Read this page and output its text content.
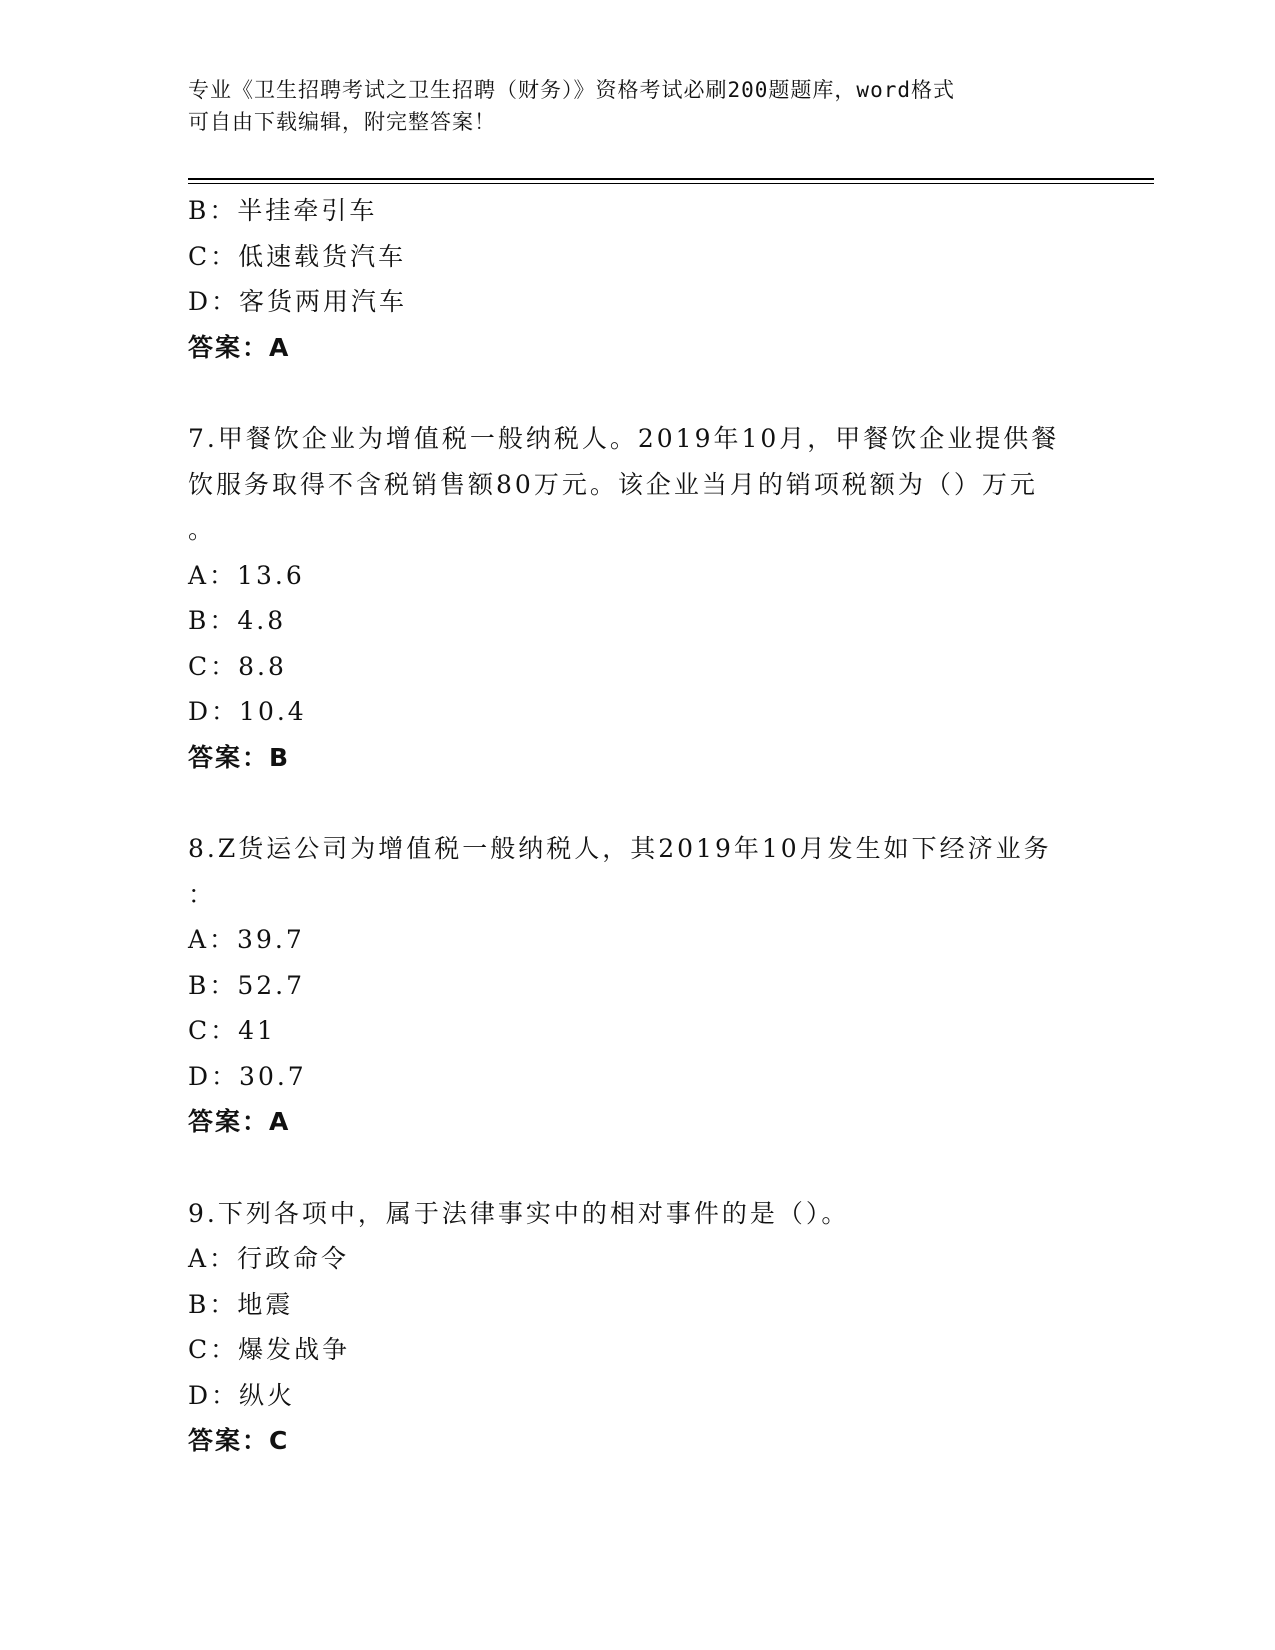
专业《卫生招聘考试之卫生招聘（财务）》资格考试必刷200题题库，word格式
可自由下载编辑，附完整答案！
B：半挂牵引车
C：低速载货汽车
D：客货两用汽车
答案：A
7.甲餐饮企业为增值税一般纳税人。2019年10月，甲餐饮企业提供餐
饮服务取得不含税销售额80万元。该企业当月的销项税额为（）万元
。
A：13.6
B：4.8
C：8.8
D：10.4
答案：B
8.Z货运公司为增值税一般纳税人，其2019年10月发生如下经济业务
：
A：39.7
B：52.7
C：41
D：30.7
答案：A
9.下列各项中，属于法律事实中的相对事件的是（）。
A：行政命令
B：地震
C：爆发战争
D：纵火
答案：C
